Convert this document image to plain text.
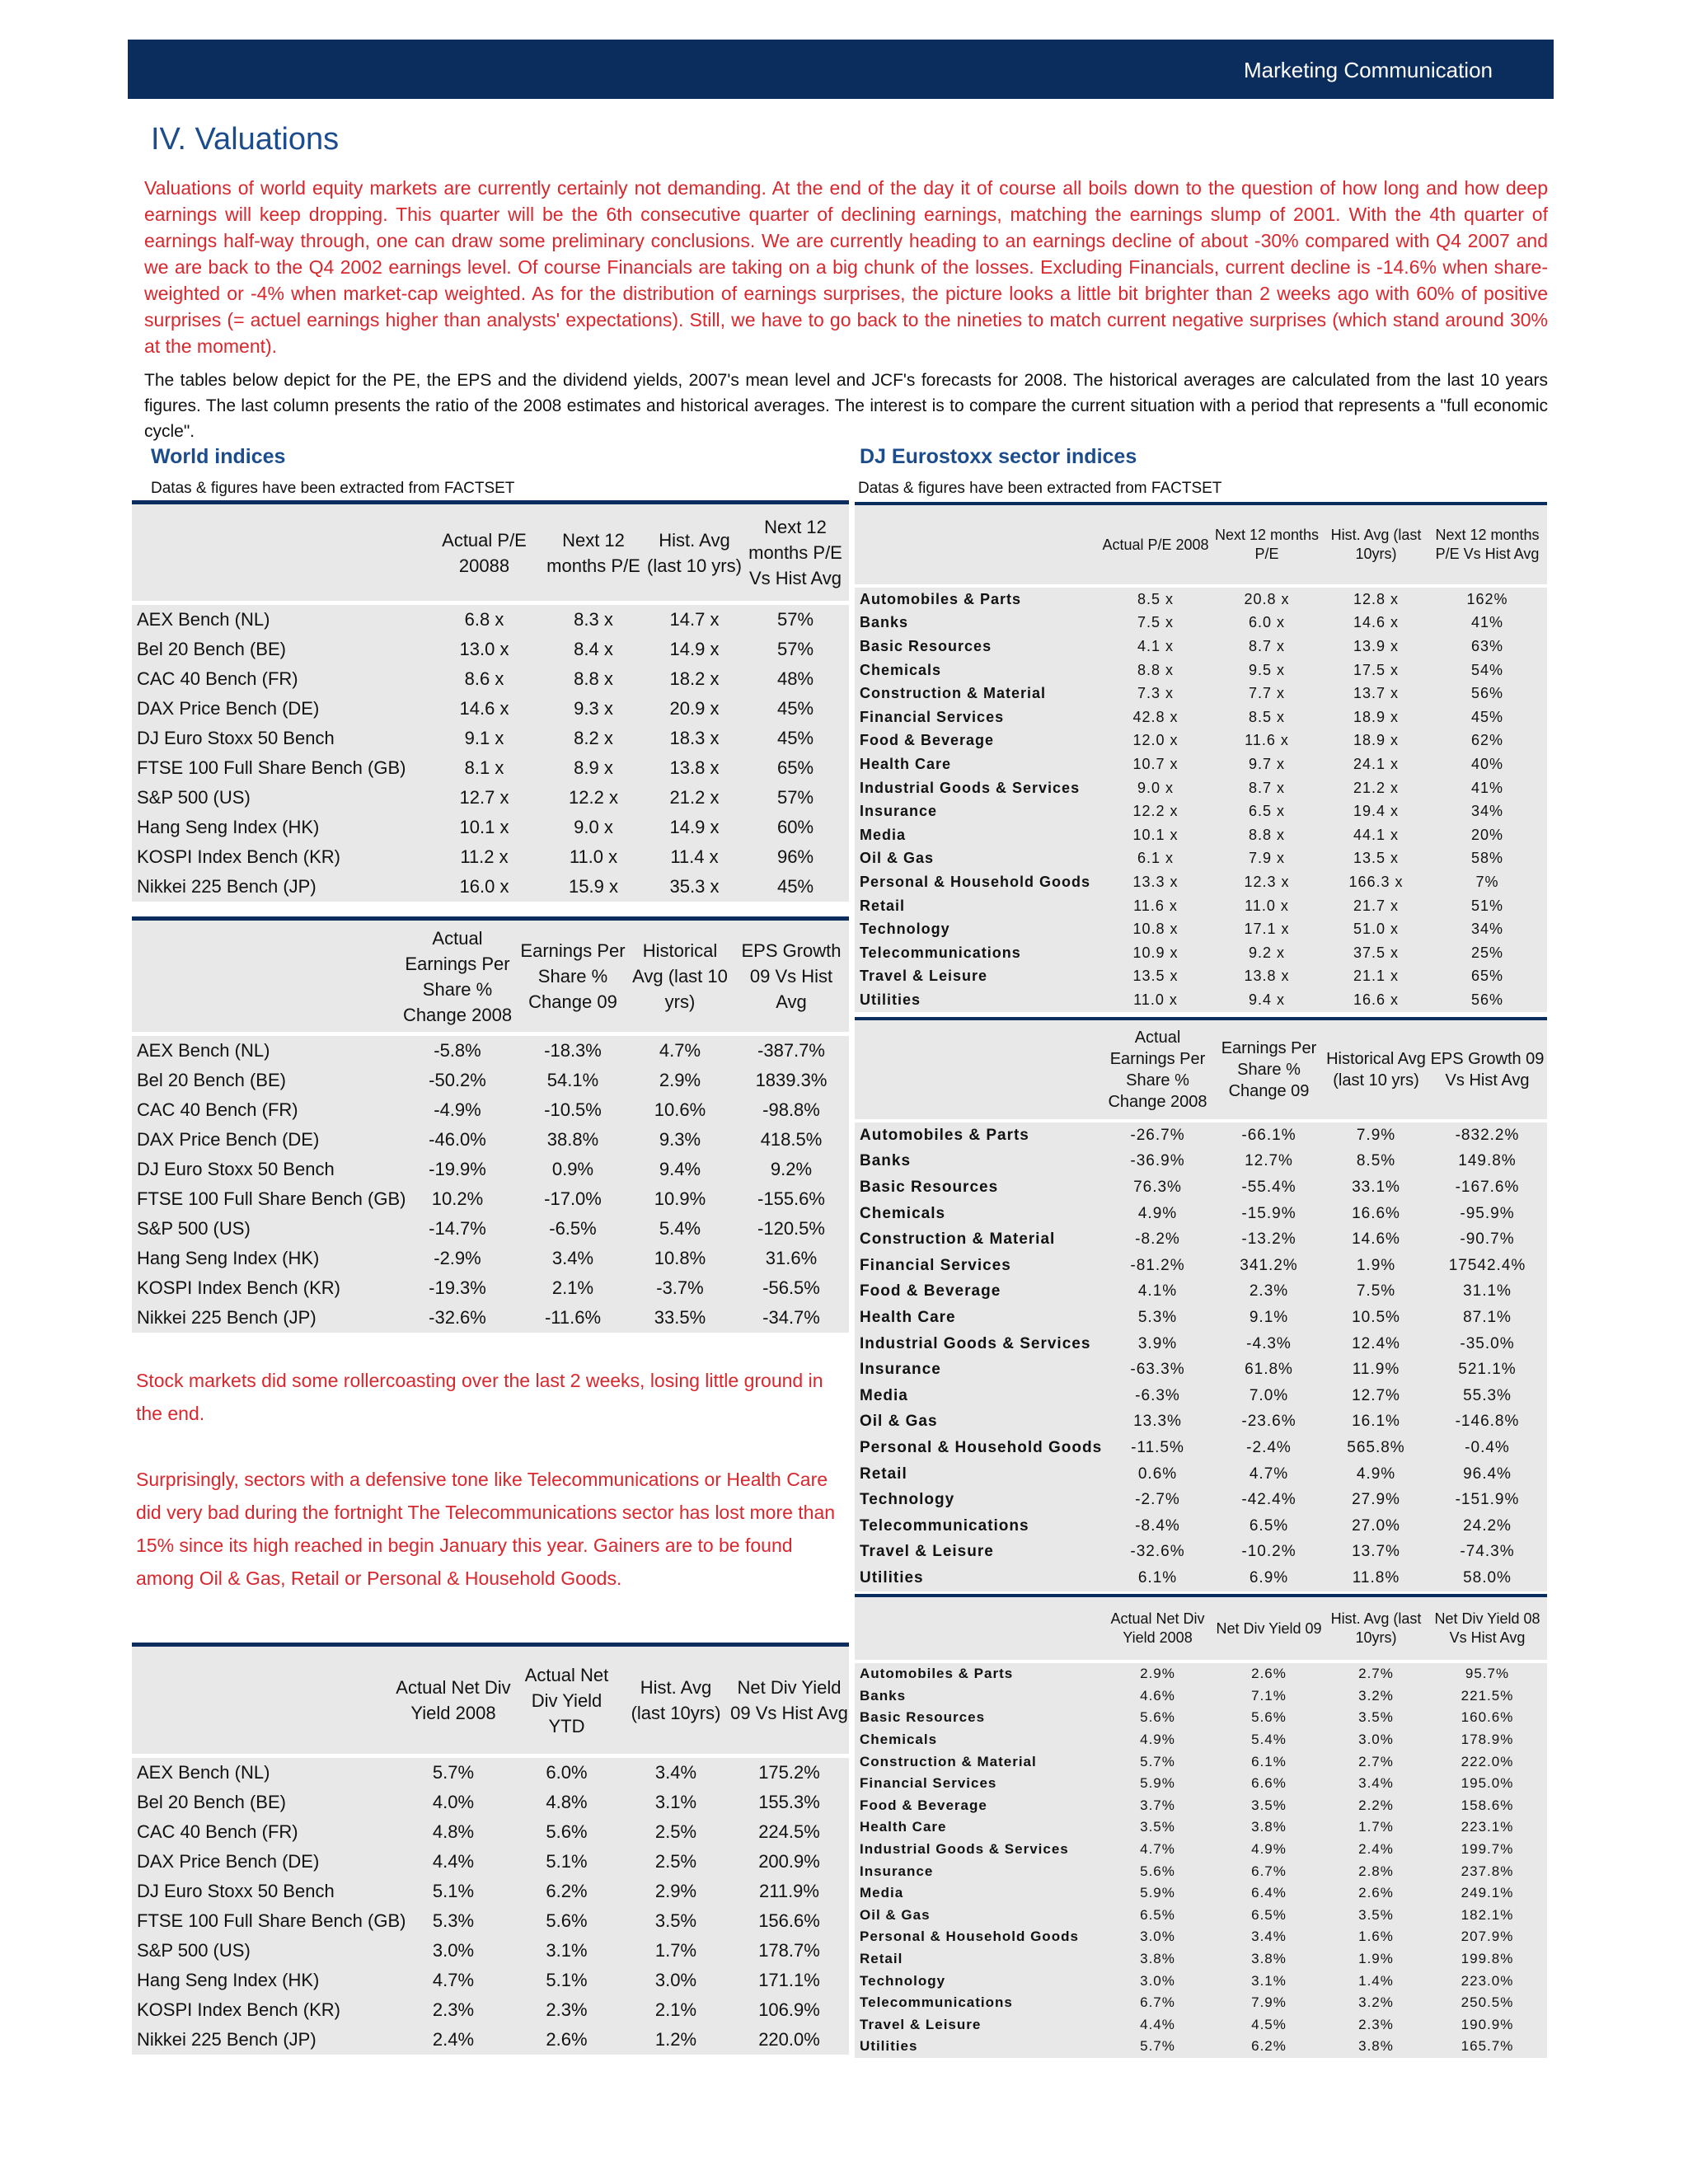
Marketing Communication
IV. Valuations
Valuations of world equity markets are currently certainly not demanding. At the end of the day it of course all boils down to the question of how long and how deep earnings will keep dropping. This quarter will be the 6th consecutive quarter of declining earnings, matching the earnings slump of 2001. With the 4th quarter of earnings half-way through, one can draw some preliminary conclusions. We are currently heading to an earnings decline of about -30% compared with Q4 2007 and we are back to the Q4 2002 earnings level. Of course Financials are taking on a big chunk of the losses. Excluding Financials, current decline is -14.6% when share-weighted or -4% when market-cap weighted. As for the distribution of earnings surprises, the picture looks a little bit brighter than 2 weeks ago with 60% of positive surprises (= actuel earnings higher than analysts' expectations). Still, we have to go back to the nineties to match current negative surprises (which stand around 30% at the moment).
The tables below depict for the PE, the EPS and the dividend yields, 2007's mean level and JCF's forecasts for 2008. The historical averages are calculated from the last 10 years figures. The last column presents the ratio of the 2008 estimates and historical averages. The interest is to compare the current situation with a period that represents a "full economic cycle".
World indices
Datas & figures have been extracted from FACTSET
DJ Eurostoxx sector indices
Datas & figures have been extracted from FACTSET
	Actual P/E 20088	Next 12 months P/E	Hist. Avg (last 10 yrs)	Next 12 months P/E Vs Hist Avg
AEX Bench (NL)	6.8 x	8.3 x	14.7 x	57%
Bel 20 Bench (BE)	13.0 x	8.4 x	14.9 x	57%
CAC 40 Bench (FR)	8.6 x	8.8 x	18.2 x	48%
DAX Price Bench (DE)	14.6 x	9.3 x	20.9 x	45%
DJ Euro Stoxx 50 Bench	9.1 x	8.2 x	18.3 x	45%
FTSE 100 Full Share Bench (GB)	8.1 x	8.9 x	13.8 x	65%
S&P 500 (US)	12.7 x	12.2 x	21.2 x	57%
Hang Seng Index (HK)	10.1 x	9.0 x	14.9 x	60%
KOSPI Index Bench (KR)	11.2 x	11.0 x	11.4 x	96%
Nikkei 225 Bench (JP)	16.0 x	15.9 x	35.3 x	45%
	Actual Earnings Per Share % Change 2008	Earnings Per Share % Change 09	Historical Avg (last 10 yrs)	EPS Growth 09 Vs Hist Avg
AEX Bench (NL)	-5.8%	-18.3%	4.7%	-387.7%
Bel 20 Bench (BE)	-50.2%	54.1%	2.9%	1839.3%
CAC 40 Bench (FR)	-4.9%	-10.5%	10.6%	-98.8%
DAX Price Bench (DE)	-46.0%	38.8%	9.3%	418.5%
DJ Euro Stoxx 50 Bench	-19.9%	0.9%	9.4%	9.2%
FTSE 100 Full Share Bench (GB)	10.2%	-17.0%	10.9%	-155.6%
S&P 500 (US)	-14.7%	-6.5%	5.4%	-120.5%
Hang Seng Index (HK)	-2.9%	3.4%	10.8%	31.6%
KOSPI Index Bench (KR)	-19.3%	2.1%	-3.7%	-56.5%
Nikkei 225 Bench (JP)	-32.6%	-11.6%	33.5%	-34.7%
	Actual Net Div Yield 2008	Actual Net Div Yield YTD	Hist. Avg (last 10yrs)	Net Div Yield 09 Vs Hist Avg
AEX Bench (NL)	5.7%	6.0%	3.4%	175.2%
Bel 20 Bench (BE)	4.0%	4.8%	3.1%	155.3%
CAC 40 Bench (FR)	4.8%	5.6%	2.5%	224.5%
DAX Price Bench (DE)	4.4%	5.1%	2.5%	200.9%
DJ Euro Stoxx 50 Bench	5.1%	6.2%	2.9%	211.9%
FTSE 100 Full Share Bench (GB)	5.3%	5.6%	3.5%	156.6%
S&P 500 (US)	3.0%	3.1%	1.7%	178.7%
Hang Seng Index (HK)	4.7%	5.1%	3.0%	171.1%
KOSPI Index Bench (KR)	2.3%	2.3%	2.1%	106.9%
Nikkei 225 Bench (JP)	2.4%	2.6%	1.2%	220.0%

Stock markets did some rollercoasting over the last 2 weeks, losing little ground in the end.

Surprisingly, sectors with a defensive tone like Telecommunications or Health Care did very bad during the fortnight The Telecommunications sector has lost more than 15% since its high reached in begin January this year. Gainers are to be found among Oil & Gas, Retail or Personal & Household Goods.

	Actual P/E 2008	Next 12 months P/E	Hist. Avg (last 10yrs)	Next 12 months P/E Vs Hist Avg
Automobiles & Parts	8.5 x	20.8 x	12.8 x	162%
Banks	7.5 x	6.0 x	14.6 x	41%
Basic Resources	4.1 x	8.7 x	13.9 x	63%
Chemicals	8.8 x	9.5 x	17.5 x	54%
Construction & Material	7.3 x	7.7 x	13.7 x	56%
Financial Services	42.8 x	8.5 x	18.9 x	45%
Food & Beverage	12.0 x	11.6 x	18.9 x	62%
Health Care	10.7 x	9.7 x	24.1 x	40%
Industrial Goods & Services	9.0 x	8.7 x	21.2 x	41%
Insurance	12.2 x	6.5 x	19.4 x	34%
Media	10.1 x	8.8 x	44.1 x	20%
Oil & Gas	6.1 x	7.9 x	13.5 x	58%
Personal & Household Goods	13.3 x	12.3 x	166.3 x	7%
Retail	11.6 x	11.0 x	21.7 x	51%
Technology	10.8 x	17.1 x	51.0 x	34%
Telecommunications	10.9 x	9.2 x	37.5 x	25%
Travel & Leisure	13.5 x	13.8 x	21.1 x	65%
Utilities	11.0 x	9.4 x	16.6 x	56%
	Actual Earnings Per Share % Change 2008	Earnings Per Share % Change 09	Historical Avg (last 10 yrs)	EPS Growth 09 Vs Hist Avg
Automobiles & Parts	-26.7%	-66.1%	7.9%	-832.2%
Banks	-36.9%	12.7%	8.5%	149.8%
Basic Resources	76.3%	-55.4%	33.1%	-167.6%
Chemicals	4.9%	-15.9%	16.6%	-95.9%
Construction & Material	-8.2%	-13.2%	14.6%	-90.7%
Financial Services	-81.2%	341.2%	1.9%	17542.4%
Food & Beverage	4.1%	2.3%	7.5%	31.1%
Health Care	5.3%	9.1%	10.5%	87.1%
Industrial Goods & Services	3.9%	-4.3%	12.4%	-35.0%
Insurance	-63.3%	61.8%	11.9%	521.1%
Media	-6.3%	7.0%	12.7%	55.3%
Oil & Gas	13.3%	-23.6%	16.1%	-146.8%
Personal & Household Goods	-11.5%	-2.4%	565.8%	-0.4%
Retail	0.6%	4.7%	4.9%	96.4%
Technology	-2.7%	-42.4%	27.9%	-151.9%
Telecommunications	-8.4%	6.5%	27.0%	24.2%
Travel & Leisure	-32.6%	-10.2%	13.7%	-74.3%
Utilities	6.1%	6.9%	11.8%	58.0%
	Actual Net Div Yield 2008	Net Div Yield 09	Hist. Avg (last 10yrs)	Net Div Yield 08 Vs Hist Avg
Automobiles & Parts	2.9%	2.6%	2.7%	95.7%
Banks	4.6%	7.1%	3.2%	221.5%
Basic Resources	5.6%	5.6%	3.5%	160.6%
Chemicals	4.9%	5.4%	3.0%	178.9%
Construction & Material	5.7%	6.1%	2.7%	222.0%
Financial Services	5.9%	6.6%	3.4%	195.0%
Food & Beverage	3.7%	3.5%	2.2%	158.6%
Health Care	3.5%	3.8%	1.7%	223.1%
Industrial Goods & Services	4.7%	4.9%	2.4%	199.7%
Insurance	5.6%	6.7%	2.8%	237.8%
Media	5.9%	6.4%	2.6%	249.1%
Oil & Gas	6.5%	6.5%	3.5%	182.1%
Personal & Household Goods	3.0%	3.4%	1.6%	207.9%
Retail	3.8%	3.8%	1.9%	199.8%
Technology	3.0%	3.1%	1.4%	223.0%
Telecommunications	6.7%	7.9%	3.2%	250.5%
Travel & Leisure	4.4%	4.5%	2.3%	190.9%
Utilities	5.7%	6.2%	3.8%	165.7%
